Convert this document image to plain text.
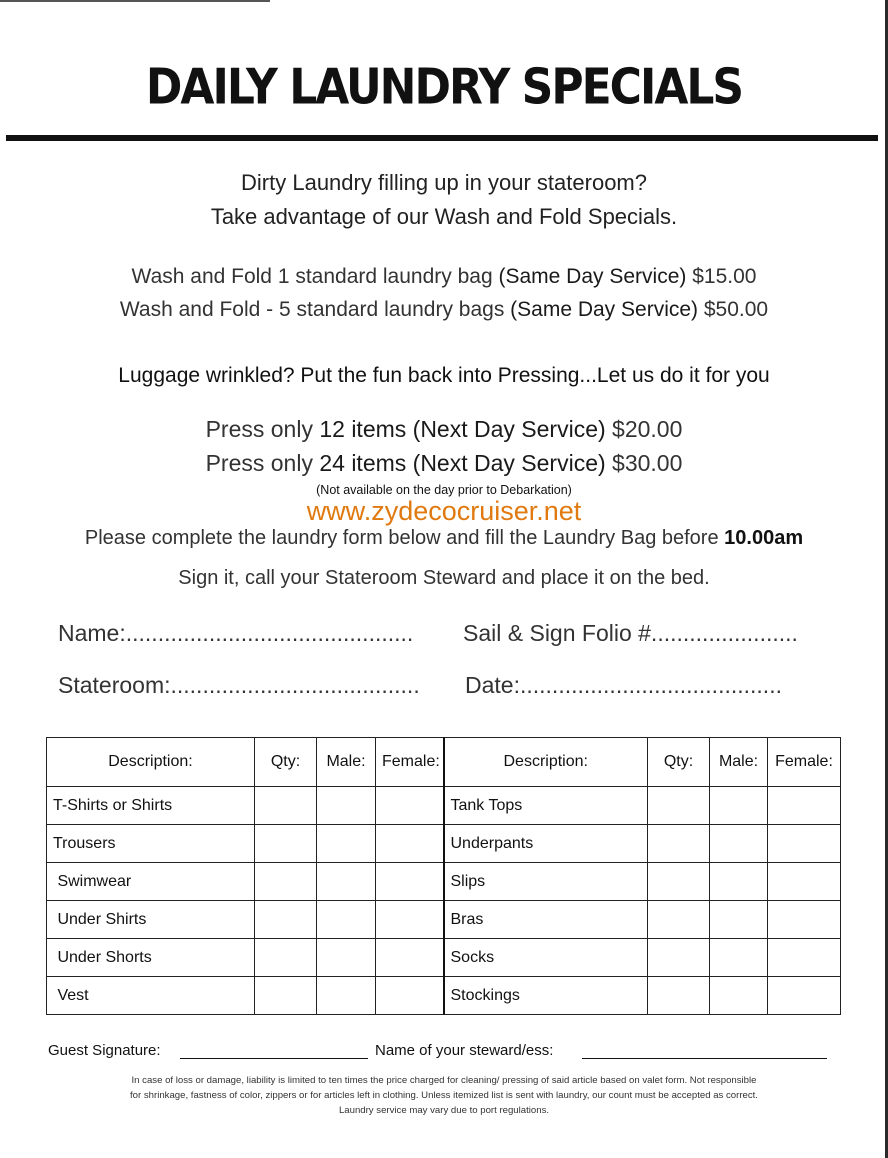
DAILY LAUNDRY SPECIALS
Dirty Laundry filling up in your stateroom?
Take advantage of our Wash and Fold Specials.
Wash and Fold 1 standard laundry bag (Same Day Service) $15.00
Wash and Fold - 5 standard laundry bags (Same Day Service) $50.00
Luggage wrinkled? Put the fun back into Pressing...Let us do it for you
Press only 12 items (Next Day Service) $20.00
Press only 24 items (Next Day Service) $30.00
(Not available on the day prior to Debarkation)
www.zydecocruiser.net
Please complete the laundry form below and fill the Laundry Bag before 10.00am
Sign it, call your Stateroom Steward and place it on the bed.
Name:............................................. Sail & Sign Folio #.......................
Stateroom:....................................... Date:.........................................
Description:	Qty:	Male:	Female:	Description:	Qty:	Male:	Female:
T-Shirts or Shirts				Tank Tops			
Trousers				Underpants			
Swimwear				Slips			
Under Shirts				Bras			
Under Shorts				Socks			
Vest				Stockings			
Guest Signature:	Name of your steward/ess:
In case of loss or damage, liability is limited to ten times the price charged for cleaning/ pressing of said article based on valet form. Not responsible
for shrinkage, fastness of color, zippers or for articles left in clothing. Unless itemized list is sent with laundry, our count must be accepted as correct.
Laundry service may vary due to port regulations.
